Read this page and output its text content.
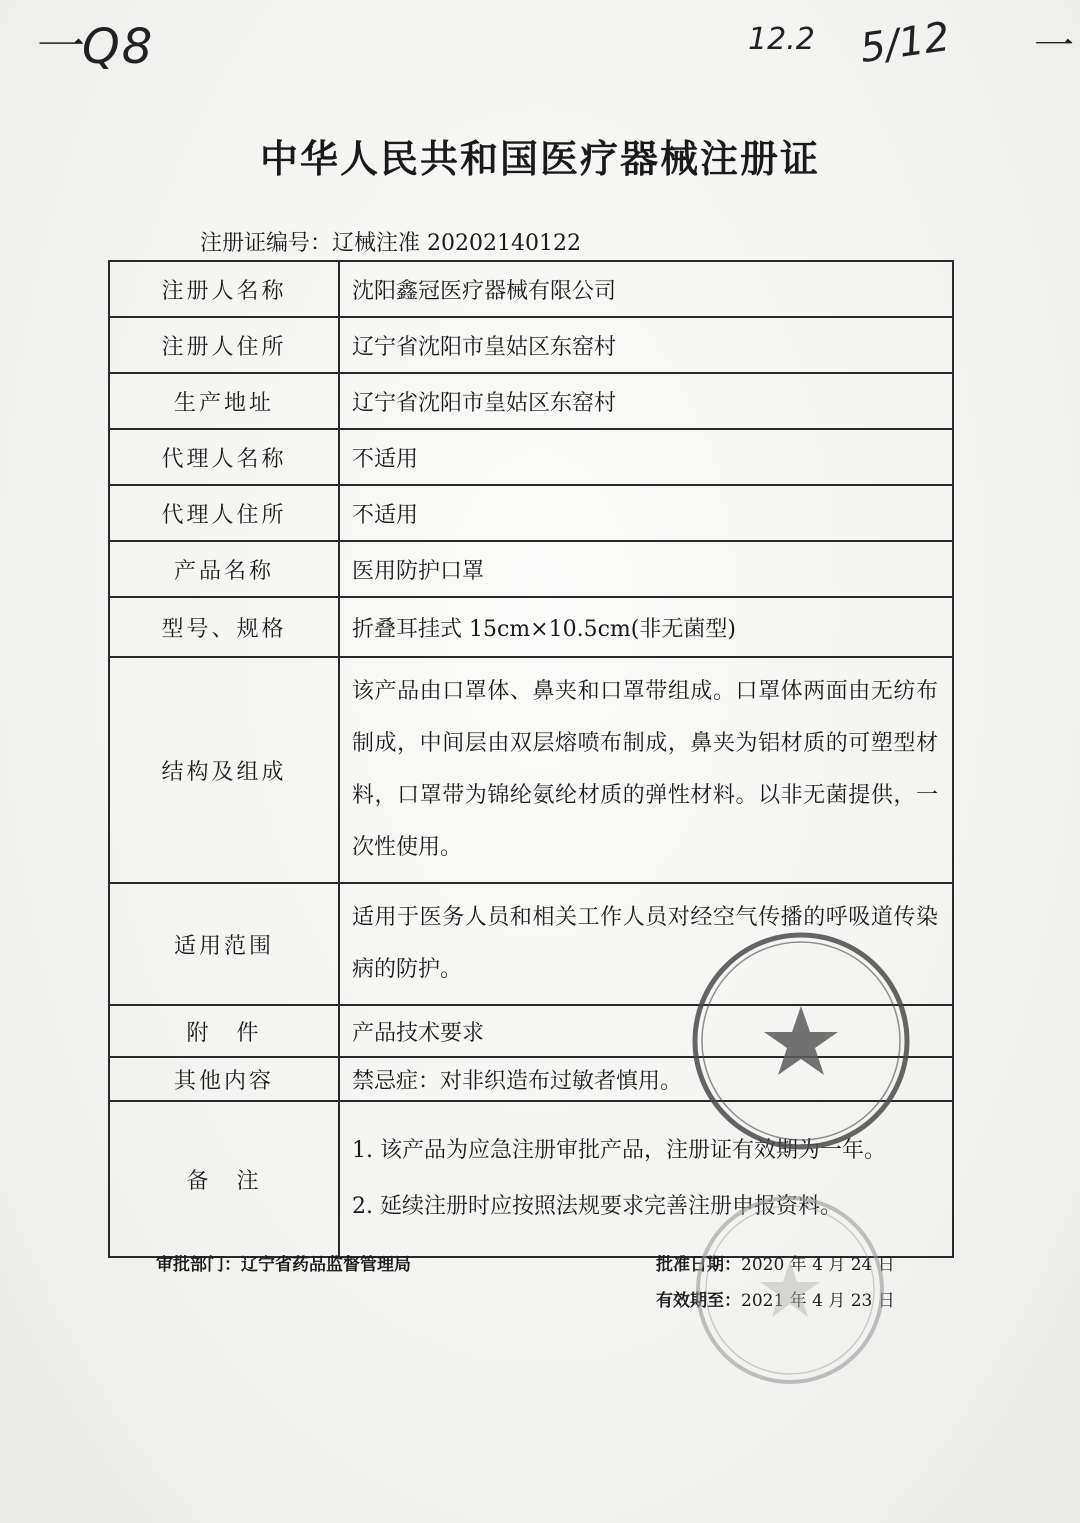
一Q8	12.2 5/12 一
中华人民共和国医疗器械注册证
注册证编号：辽械注准 20202140122
注册人名称	沈阳鑫冠医疗器械有限公司
注册人住所	辽宁省沈阳市皇姑区东窑村
生产地址	辽宁省沈阳市皇姑区东窑村
代理人名称	不适用
代理人住所	不适用
产品名称	医用防护口罩
型号、规格	折叠耳挂式 15cm×10.5cm(非无菌型)
结构及组成	该产品由口罩体、鼻夹和口罩带组成。口罩体两面由无纺布制成，中间层由双层熔喷布制成，鼻夹为铝材质的可塑型材料，口罩带为锦纶氨纶材质的弹性材料。以非无菌提供，一次性使用。
适用范围	适用于医务人员和相关工作人员对经空气传播的呼吸道传染病的防护。
附　件	产品技术要求
其他内容	禁忌症：对非织造布过敏者慎用。
备　注	1. 该产品为应急注册审批产品，注册证有效期为一年。
2. 延续注册时应按照法规要求完善注册申报资料。
审批部门：辽宁省药品监督管理局	批准日期：2020 年 4 月 24 日
有效期至：2021 年 4 月 23 日
